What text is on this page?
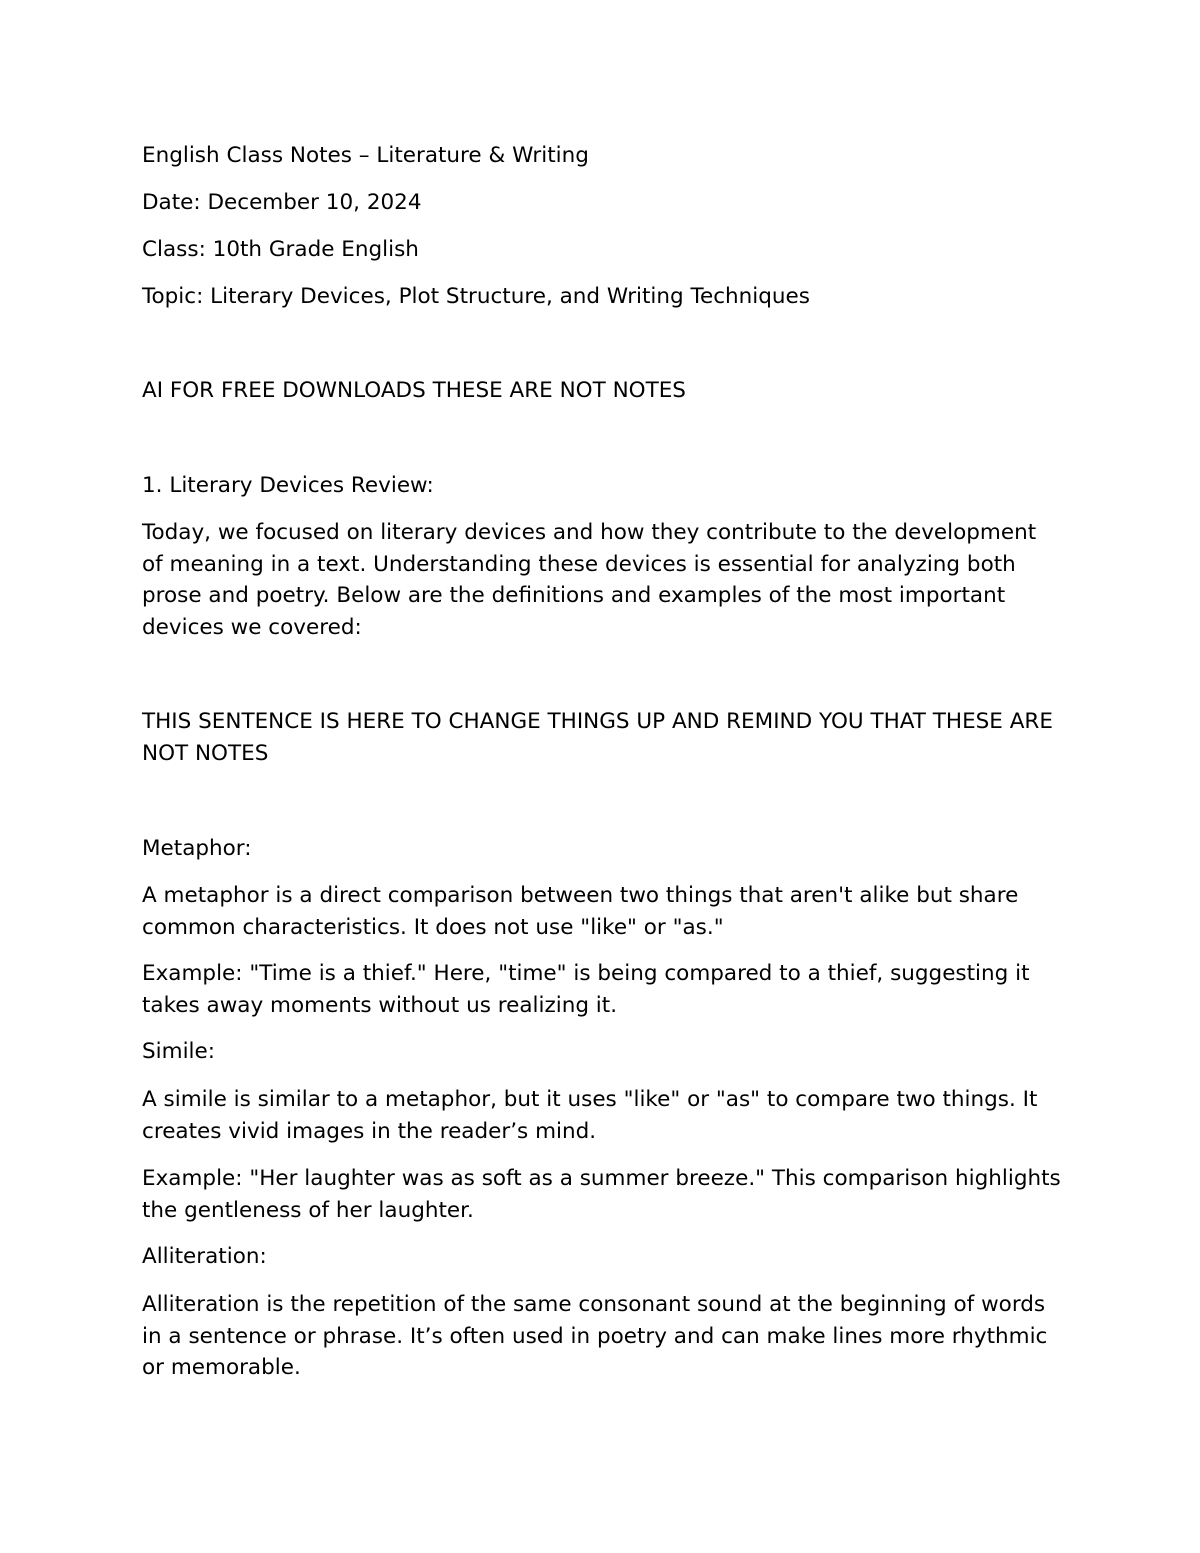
English Class Notes – Literature & Writing

Date: December 10, 2024

Class: 10th Grade English

Topic: Literary Devices, Plot Structure, and Writing Techniques

AI FOR FREE DOWNLOADS THESE ARE NOT NOTES

1. Literary Devices Review:

Today, we focused on literary devices and how they contribute to the development of meaning in a text. Understanding these devices is essential for analyzing both prose and poetry. Below are the definitions and examples of the most important devices we covered:

THIS SENTENCE IS HERE TO CHANGE THINGS UP AND REMIND YOU THAT THESE ARE NOT NOTES

Metaphor:

A metaphor is a direct comparison between two things that aren't alike but share common characteristics. It does not use "like" or "as."

Example: "Time is a thief." Here, "time" is being compared to a thief, suggesting it takes away moments without us realizing it.

Simile:

A simile is similar to a metaphor, but it uses "like" or "as" to compare two things. It creates vivid images in the reader’s mind.

Example: "Her laughter was as soft as a summer breeze." This comparison highlights the gentleness of her laughter.

Alliteration:

Alliteration is the repetition of the same consonant sound at the beginning of words in a sentence or phrase. It’s often used in poetry and can make lines more rhythmic or memorable.
